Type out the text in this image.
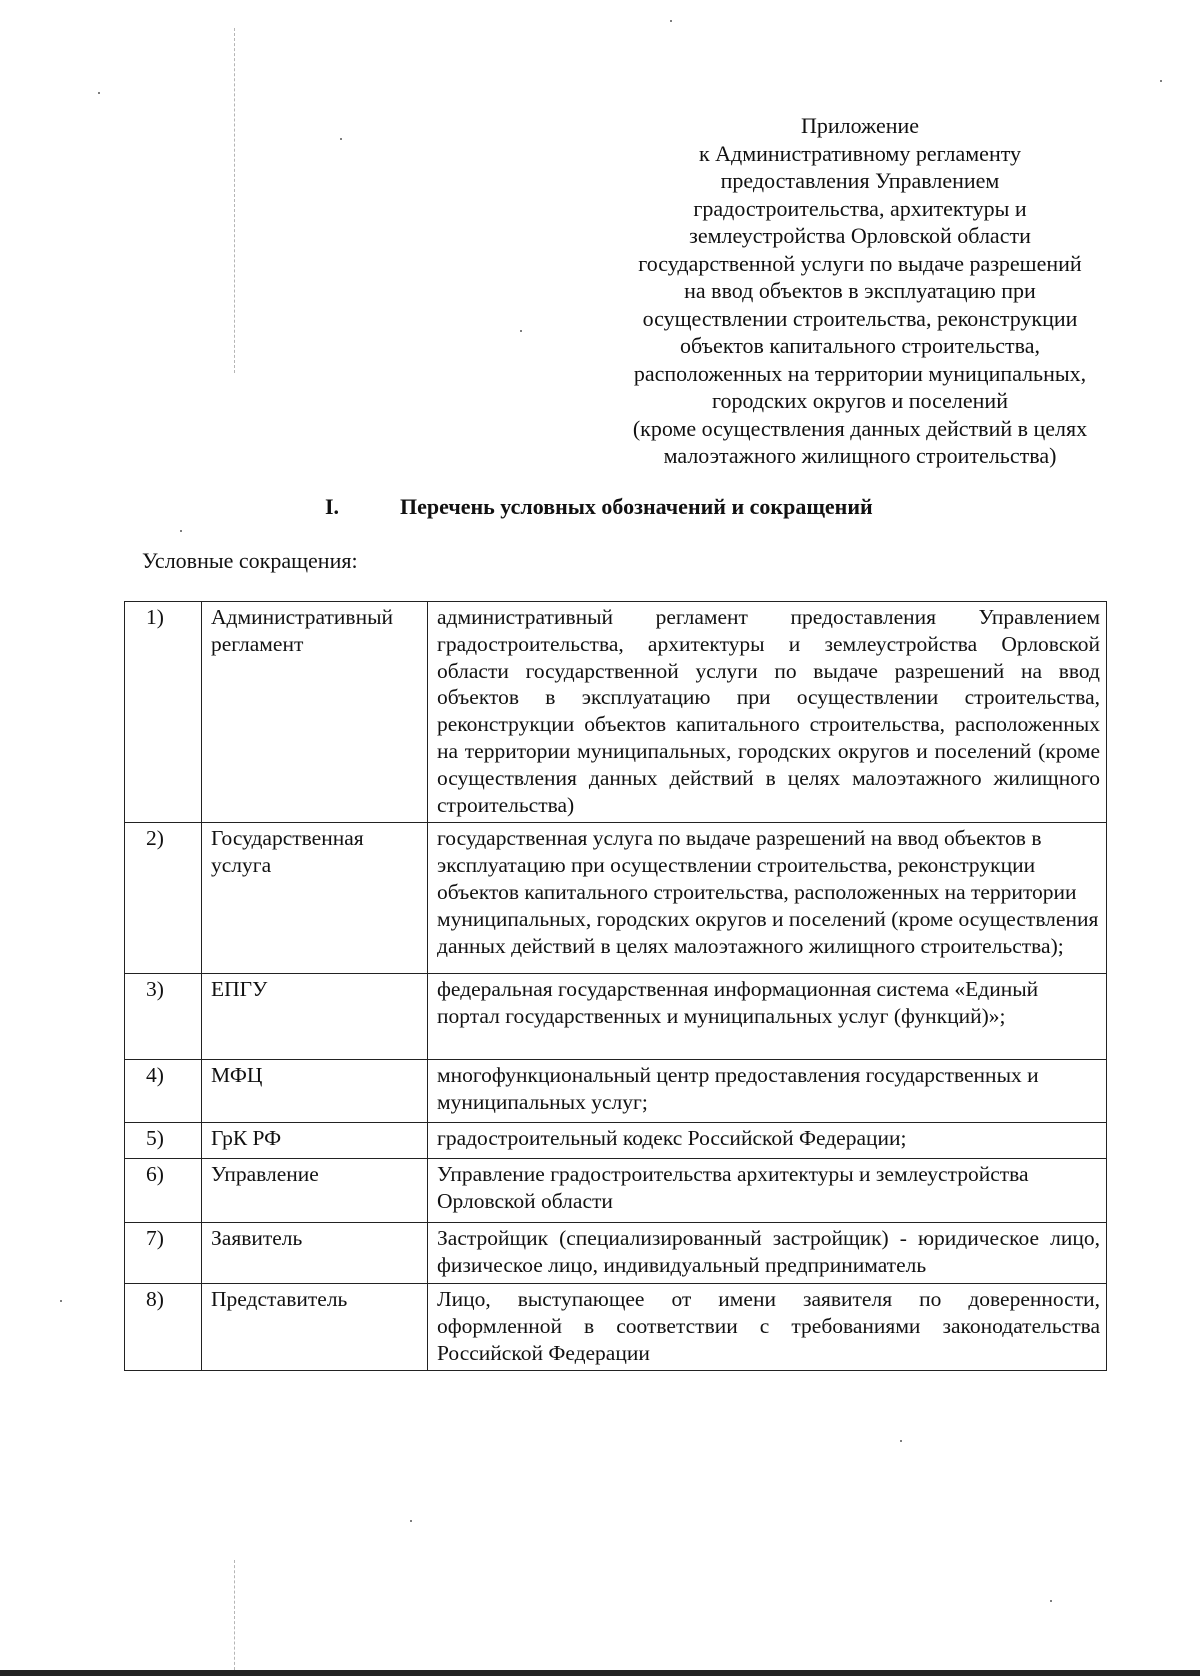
Приложение
к Административному регламенту
предоставления Управлением
градостроительства, архитектуры и
землеустройства Орловской области
государственной услуги по выдаче разрешений
на ввод объектов в эксплуатацию при
осуществлении строительства, реконструкции
объектов капитального строительства,
расположенных на территории муниципальных,
городских округов и поселений
(кроме осуществления данных действий в целях
малоэтажного жилищного строительства)
I.	Перечень условных обозначений и сокращений
Условные сокращения:
1)	Административный регламент	административный регламент предоставления Управлением градостроительства, архитектуры и землеустройства Орловской области государственной услуги по выдаче разрешений на ввод объектов в эксплуатацию при осуществлении строительства, реконструкции объектов капитального строительства, расположенных на территории муниципальных, городских округов и поселений (кроме осуществления данных действий в целях малоэтажного жилищного строительства)
2)	Государственная услуга	государственная услуга по выдаче разрешений на ввод объектов в эксплуатацию при осуществлении строительства, реконструкции объектов капитального строительства, расположенных на территории муниципальных, городских округов и поселений (кроме осуществления данных действий в целях малоэтажного жилищного строительства);
3)	ЕПГУ	федеральная государственная информационная система «Единый портал государственных и муниципальных услуг (функций)»;
4)	МФЦ	многофункциональный центр предоставления государственных и муниципальных услуг;
5)	ГрК РФ	градостроительный кодекс Российской Федерации;
6)	Управление	Управление градостроительства архитектуры и землеустройства Орловской области
7)	Заявитель	Застройщик (специализированный застройщик) - юридическое лицо, физическое лицо, индивидуальный предприниматель
8)	Представитель	Лицо, выступающее от имени заявителя по доверенности, оформленной в соответствии с требованиями законодательства Российской Федерации
